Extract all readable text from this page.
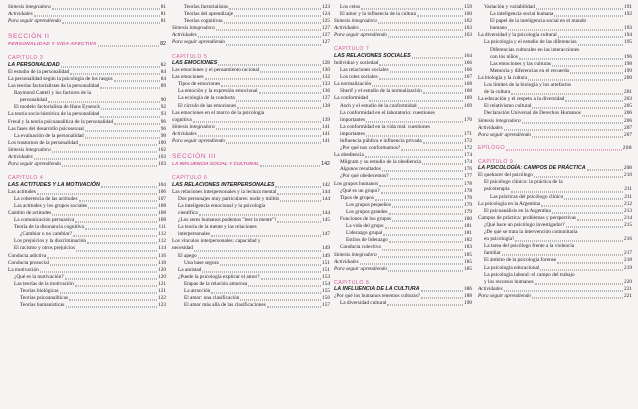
Síntesis integradora	81
Actividades	81
Para seguir aprendiendo	81
SECCIÓN II
PERSONALIDAD Y VIDA AFECTIVA	82
CAPÍTULO 3
LA PERSONALIDAD	82
El estudio de la personalidad	84
La personalidad según la psicología de los rasgos	84
Las teorías factorialistas de la personalidad	89
Raymond Cattell y los factores de la
personalidad	90
El modelo factorialista de Hans Eysenck	92
La teoría socio-histórica de la personalidad	93
Freud y la teoría psicoanalítica de la personalidad	96
Las fases del desarrollo psicosexual	96
La evaluación de la personalidad	98
Los trastornos de la personalidad	100
Síntesis integradora	102
Actividades	103
Para seguir aprendiendo	103
CAPÍTULO 4
LAS ACTITUDES Y LA MOTIVACIÓN	104
Las actitudes	106
La coherencia de las actitudes	107
Las actitudes y los grupos sociales	108
Cambio de actitudes	108
La comunicación persuasiva	108
Teoría de la disonancia cognitiva	111
¿Cambiar o no cambiar?	112
Los prejuicios y la discriminación	112
El racismo y otros prejuicios	114
Conducta adictiva	116
Conducta prosocial	118
La motivación	120
¿Qué es la motivación?	120
Las teorías de la motivación	121
Teorías biológicas	121
Teorías psicoanalíticas	122
Teorías humanísticas	123
Teorías factorialistas	123
Teorías del aprendizaje	124
Teorías cognitivas	125
Síntesis integradora	127
Actividades	127
Para seguir aprendiendo	127
CAPÍTULO 5
LAS EMOCIONES	128
Las emociones y el pensamiento racional	130
Las emociones	132
Tipos de emociones	133
La emoción y la expresión emocional	136
La ecología de la conducta	137
El círculo de las emociones	138
Las emociones en el marco de la psicología
cognitiva	139
Síntesis integradora	141
Actividades	141
Para seguir aprendiendo	141
SECCIÓN III
LA INFLUENCIA SOCIAL Y CULTURAL	142
CAPÍTULO 6
LAS RELACIONES INTERPERSONALES	142
Las relaciones interpersonales y la lectura mental	144
Dos personajes muy particulares: nodo y militis	144
La inteligencia emocional y la psicología
científica	144
¿Los seres humanos podemos "leer la mente"?	145
La teoría de la mente y las relaciones
interpersonales	147
Los vínculos interpersonales: capacidad y
necesidad	149
El apego	149
Una base segura	151
La amistad	151
¿Puede la psicología explicar el amor?	153
Etapas de la relación amorosa	154
La atracción	155
El amor: una clasificación	156
El amor más allá de las clasificaciones	157
Los celos	159
El amor y la influencia de la cultura	160
Síntesis integradora	162
Actividades	163
Para seguir aprendiendo	163
CAPÍTULO 7
LAS RELACIONES SOCIALES	164
Individuo y sociedad	166
Las relaciones sociales	166
Los roles sociales	167
La normalización	168
Sherif y el estudio de la normalización	168
La conformidad	169
Asch y el estudio de la conformidad	169
La conformidad en el laboratorio: cuestiones
importantes	170
La conformidad en la vida real: cuestiones
importantes	171
Influencia pública e influencia privada	172
¿Por qué nos conformamos?	172
La obediencia	174
Milgram y su estudio de la obediencia	174
Algunos resultados	176
¿Por qué obedecemos?	177
Los grupos humanos	178
¿Qué es un grupo?	178
Tipos de grupos	178
Los grupos pequeños	179
Los grupos grandes	179
Funciones de los grupos	180
La vida del grupo	181
Liderazgo grupal	181
Estilos de liderazgo	182
Conducta colectiva	183
Síntesis integradora	185
Actividades	185
Para seguir aprendiendo	185
CAPÍTULO 8
LA INFLUENCIA DE LA CULTURA	186
¿Por qué los humanos tenemos culturas?	188
La diversidad cultural	190
Variación y variabilidad	191
La inteligencia social humana	192
El papel de la inteligencia social en el mundo
humano	193
La diversidad y la psicología cultural	194
La psicología y el estudio de las diferencias	195
Diferencias culturales en las interacciones
con los niños	196
Las emociones y las culturas	198
Memoria y diferencias en el recuerdo	199
La biología y la cultura	200
Los límites de la biología y los artefactos
de la cultura	201
La educación y el respeto a la diversidad	203
El relativismo cultural	205
Declaración Universal de Derechos Humanos	206
Síntesis integradora	206
Actividades	207
Para seguir aprendiendo	207
EPÍLOGO	208
CAPÍTULO 9
LA PSICOLOGÍA: CAMPOS DE PRÁCTICA	208
El quehacer del psicólogo	210
El psicólogo clínico: la práctica de la
psicoterapia	211
Las prácticas del psicólogo clínico	211
La psicología en la Argentina	212
El psicoanálisis en la Argentina	213
Campos de práctica: problemas y perspectivas	214
¿Qué hace un psicólogo investigador?	215
¿De qué se trata la intervención comunitaria
en psicología?	216
La tarea del psicólogo frente a la violencia
familiar	217
El ámbito de la psicología forense	218
La psicología educacional	219
La psicología laboral: el campo del trabajo
y los recursos humanos	220
Actividades	221
Para seguir aprendiendo	221
